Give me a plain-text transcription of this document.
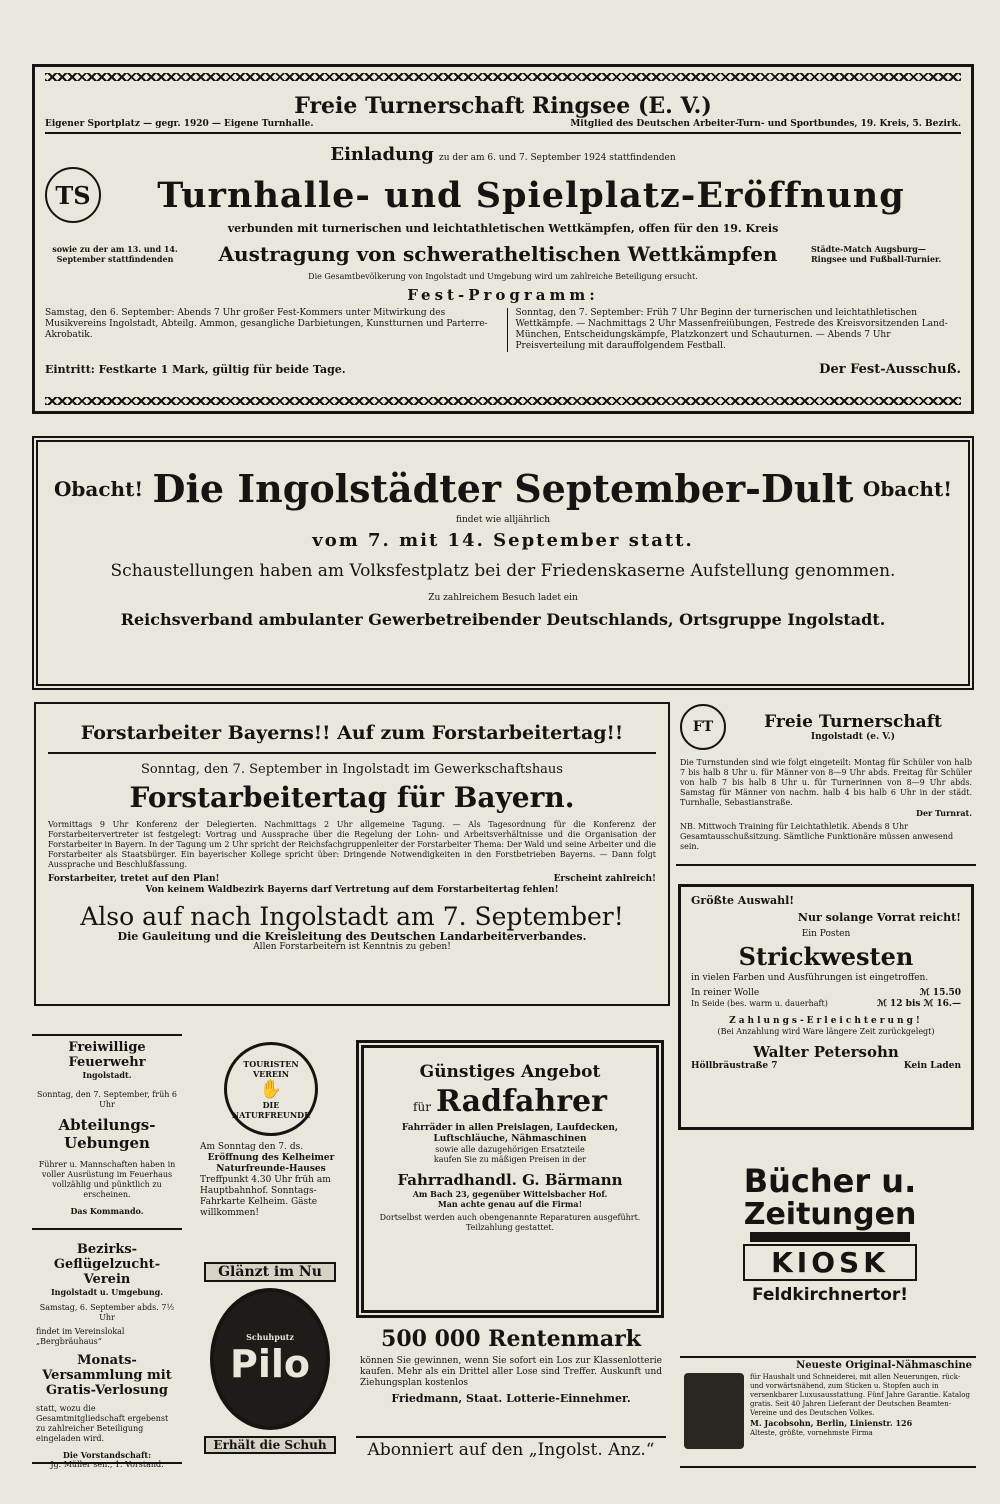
Freie Turnerschaft Ringsee (E. V.)

Eigener Sportplatz — gegr. 1920 — Eigene Turnhalle.	Mitglied des Deutschen Arbeiter-Turn- und Sportbundes, 19. Kreis, 5. Bezirk.

Einladung zu der am 6. und 7. September 1924 stattfindenden

TS	Turnhalle- und Spielplatz-Eröffnung

verbunden mit turnerischen und leichtathletischen Wettkämpfen, offen für den 19. Kreis

sowie zu der am 13. und 14. September stattfindenden	Austragung von schweratheltischen Wettkämpfen	Städte-Match Augsburg—Ringsee und Fußball-Turnier.

Die Gesamtbevölkerung von Ingolstadt und Umgebung wird um zahlreiche Beteiligung ersucht.

Fest-Programm:

Samstag, den 6. September: Abends 7 Uhr großer Fest-Kommers unter Mitwirkung des Musikvereins Ingolstadt, Abteilg. Ammon, gesangliche Darbietungen, Kunstturnen und Parterre-Akrobatik.

Sonntag, den 7. September: Früh 7 Uhr Beginn der turnerischen und leichtathletischen Wettkämpfe. — Nachmittags 2 Uhr Massenfreiübungen, Festrede des Kreisvorsitzenden Land-München, Entscheidungskämpfe, Platzkonzert und Schauturnen. — Abends 7 Uhr Preisverteilung mit darauffolgendem Festball.

Eintritt: Festkarte 1 Mark, gültig für beide Tage.	Der Fest-Ausschuß.
Obacht! Die Ingolstädter September-Dult Obacht!

findet wie alljährlich

vom 7. mit 14. September statt.

Schaustellungen haben am Volksfestplatz bei der Friedenskaserne Aufstellung genommen.

Zu zahlreichem Besuch ladet ein

Reichsverband ambulanter Gewerbetreibender Deutschlands, Ortsgruppe Ingolstadt.

Forstarbeiter Bayerns!! Auf zum Forstarbeitertag!!

Sonntag, den 7. September in Ingolstadt im Gewerkschaftshaus

Forstarbeitertag für Bayern.

Vormittags 9 Uhr Konferenz der Delegierten. Nachmittags 2 Uhr allgemeine Tagung. — Als Tagesordnung für die Konferenz der Forstarbeitervertreter ist festgelegt: Vortrag und Aussprache über die Regelung der Lohn- und Arbeitsverhältnisse und die Organisation der Forstarbeiter in Bayern. In der Tagung um 2 Uhr spricht der Reichsfachgruppenleiter der Forstarbeiter Thema: Der Wald und seine Arbeiter und die Forstarbeiter als Staatsbürger. Ein bayerischer Kollege spricht über: Dringende Notwendigkeiten in den Forstbetrieben Bayerns. — Dann folgt Aussprache und Beschlußfassung.

Forstarbeiter, tretet auf den Plan!	Erscheint zahlreich!

Von keinem Waldbezirk Bayerns darf Vertretung auf dem Forstarbeitertag fehlen!

Also auf nach Ingolstadt am 7. September!

Die Gauleitung und die Kreisleitung des Deutschen Landarbeiterverbandes.

Allen Forstarbeitern ist Kenntnis zu geben!

FT	Freie Turnerschaft

Ingolstadt (e. V.)

Die Turnstunden sind wie folgt eingeteilt: Montag für Schüler von halb 7 bis halb 8 Uhr u. für Männer von 8—9 Uhr abds. Freitag für Schüler von halb 7 bis halb 8 Uhr u. für Turnerinnen von 8—9 Uhr abds. Samstag für Männer von nachm. halb 4 bis halb 6 Uhr in der städt. Turnhalle, Sebastianstraße.

Der Turnrat.

NB. Mittwoch Training für Leichtathletik. Abends 8 Uhr Gesamtausschußsitzung. Sämtliche Funktionäre müssen anwesend sein.

Größte Auswahl!

Nur solange Vorrat reicht!

Ein Posten

Strickwesten

in vielen Farben und Ausführungen ist eingetroffen.

In reiner Wolle	ℳ 15.50
In Seide (bes. warm u. dauerhaft)	ℳ 12 bis ℳ 16.—

Zahlungs-Erleichterung!

(Bei Anzahlung wird Ware längere Zeit zurückgelegt)

Walter Petersohn

Höllbräustraße 7	Kein Laden

Freiwillige Feuerwehr

Ingolstadt.

Sonntag, den 7. September, früh 6 Uhr

Abteilungs-Uebungen

Führer u. Mannschaften haben in voller Ausrüstung im Feuerhaus vollzählig und pünktlich zu erscheinen.

Das Kommando.

Bezirks-Geflügelzucht-Verein

Ingolstadt u. Umgebung.

Samstag, 6. September abds. 7½ Uhr

findet im Vereinslokal „Bergbräuhaus“

Monats-Versammlung mit Gratis-Verlosung

statt, wozu die Gesamtmitgliedschaft ergebenst zu zahlreicher Beteiligung eingeladen wird.

Die Vorstandschaft:

Jg. Müller sen., 1. Vorstand.

TOURISTEN VEREIN
✋
DIE NATURFREUNDE

Am Sonntag den 7. ds.

Eröffnung des Kelheimer Naturfreunde-Hauses

Treffpunkt 4.30 Uhr früh am Hauptbahnhof. Sonntags-Fahrkarte Kelheim. Gäste willkommen!

Glänzt im Nu

Schuhputz
Pilo

Erhält die Schuh

Günstiges Angebot

für Radfahrer

Fahrräder in allen Preislagen, Laufdecken, Luftschläuche, Nähmaschinen

sowie alle dazugehörigen Ersatzteile

kaufen Sie zu mäßigen Preisen in der

Fahrradhandl. G. Bärmann

Am Bach 23, gegenüber Wittelsbacher Hof.

Man achte genau auf die Firma!

Dortselbst werden auch obengenannte Reparaturen ausgeführt. Teilzahlung gestattet.

500 000 Rentenmark

können Sie gewinnen, wenn Sie sofort ein Los zur Klassenlotterie kaufen. Mehr als ein Drittel aller Lose sind Treffer. Auskunft und Ziehungsplan kostenlos

Friedmann, Staat. Lotterie-Einnehmer.

Abonniert auf den „Ingolst. Anz.“

Bücher u.

Zeitungen

KIOSK

Feldkirchnertor!

Neueste Original-Nähmaschine

für Haushalt und Schneiderei, mit allen Neuerungen, rück- und vorwärtsnähend, zum Sticken u. Stopfen auch in versenkbarer Luxusausstattung. Fünf Jahre Garantie. Katalog gratis. Seit 40 Jahren Lieferant der Deutschen Beamten-Vereine und des Deutschen Volkes.

M. Jacobsohn, Berlin, Linienstr. 126

Alteste, größte, vornehmste Firma
